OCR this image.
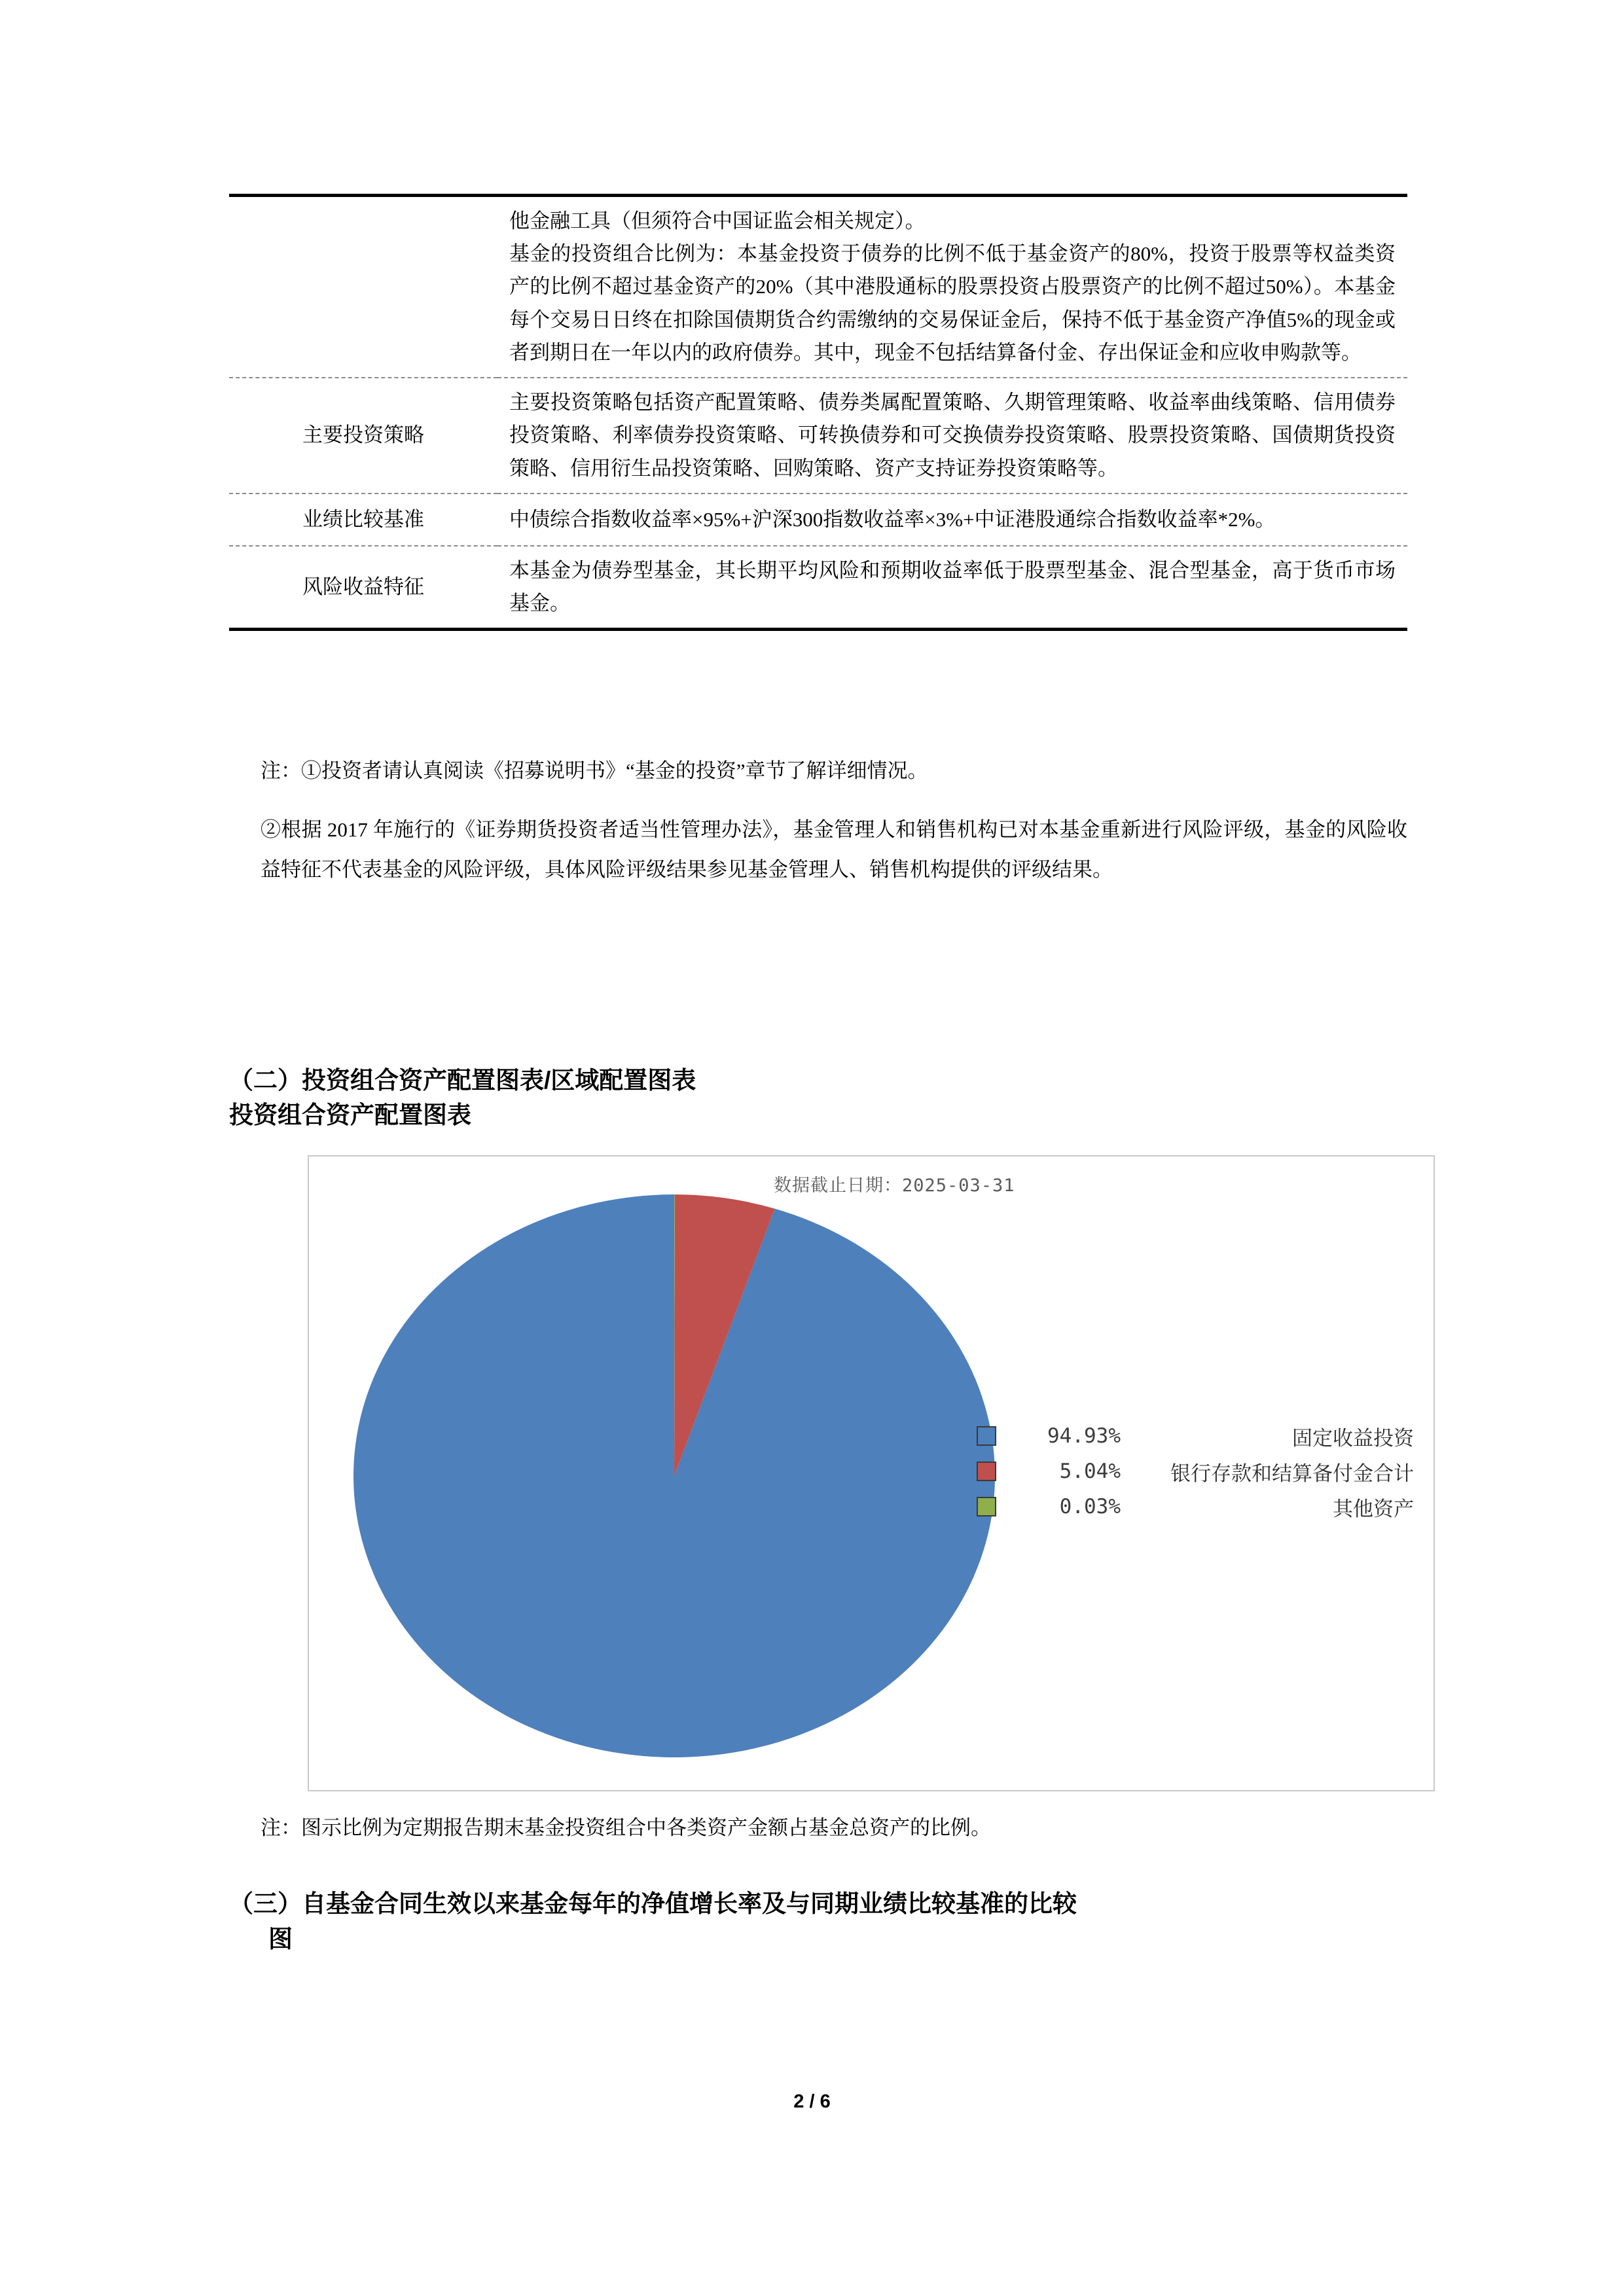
	他金融工具（但须符合中国证监会相关规定）。

基金的投资组合比例为：本基金投资于债券的比例不低于基金资产的80%，投资于股票等权益类资产的比例不超过基金资产的20%（其中港股通标的股票投资占股票资产的比例不超过50%）。本基金每个交易日日终在扣除国债期货合约需缴纳的交易保证金后，保持不低于基金资产净值5%的现金或者到期日在一年以内的政府债券。其中，现金不包括结算备付金、存出保证金和应收申购款等。

主要投资策略	主要投资策略包括资产配置策略、债券类属配置策略、久期管理策略、收益率曲线策略、信用债券投资策略、利率债券投资策略、可转换债券和可交换债券投资策略、股票投资策略、国债期货投资策略、信用衍生品投资策略、回购策略、资产支持证券投资策略等。

业绩比较基准	中债综合指数收益率×95%+沪深300指数收益率×3%+中证港股通综合指数收益率*2%。

风险收益特征	本基金为债券型基金，其长期平均风险和预期收益率低于股票型基金、混合型基金，高于货币市场基金。

注：①投资者请认真阅读《招募说明书》“基金的投资”章节了解详细情况。

②根据 2017 年施行的《证券期货投资者适当性管理办法》，基金管理人和销售机构已对本基金重新进行风险评级，基金的风险收益特征不代表基金的风险评级，具体风险评级结果参见基金管理人、销售机构提供的评级结果。

（二）投资组合资产配置图表/区域配置图表
投资组合资产配置图表
数据截止日期：2025-03-31
94.93%	固定收益投资
5.04%	银行存款和结算备付金合计
0.03%	其他资产
注：图示比例为定期报告期末基金投资组合中各类资产金额占基金总资产的比例。
（三）自基金合同生效以来基金每年的净值增长率及与同期业绩比较基准的比较
图
2 / 6
